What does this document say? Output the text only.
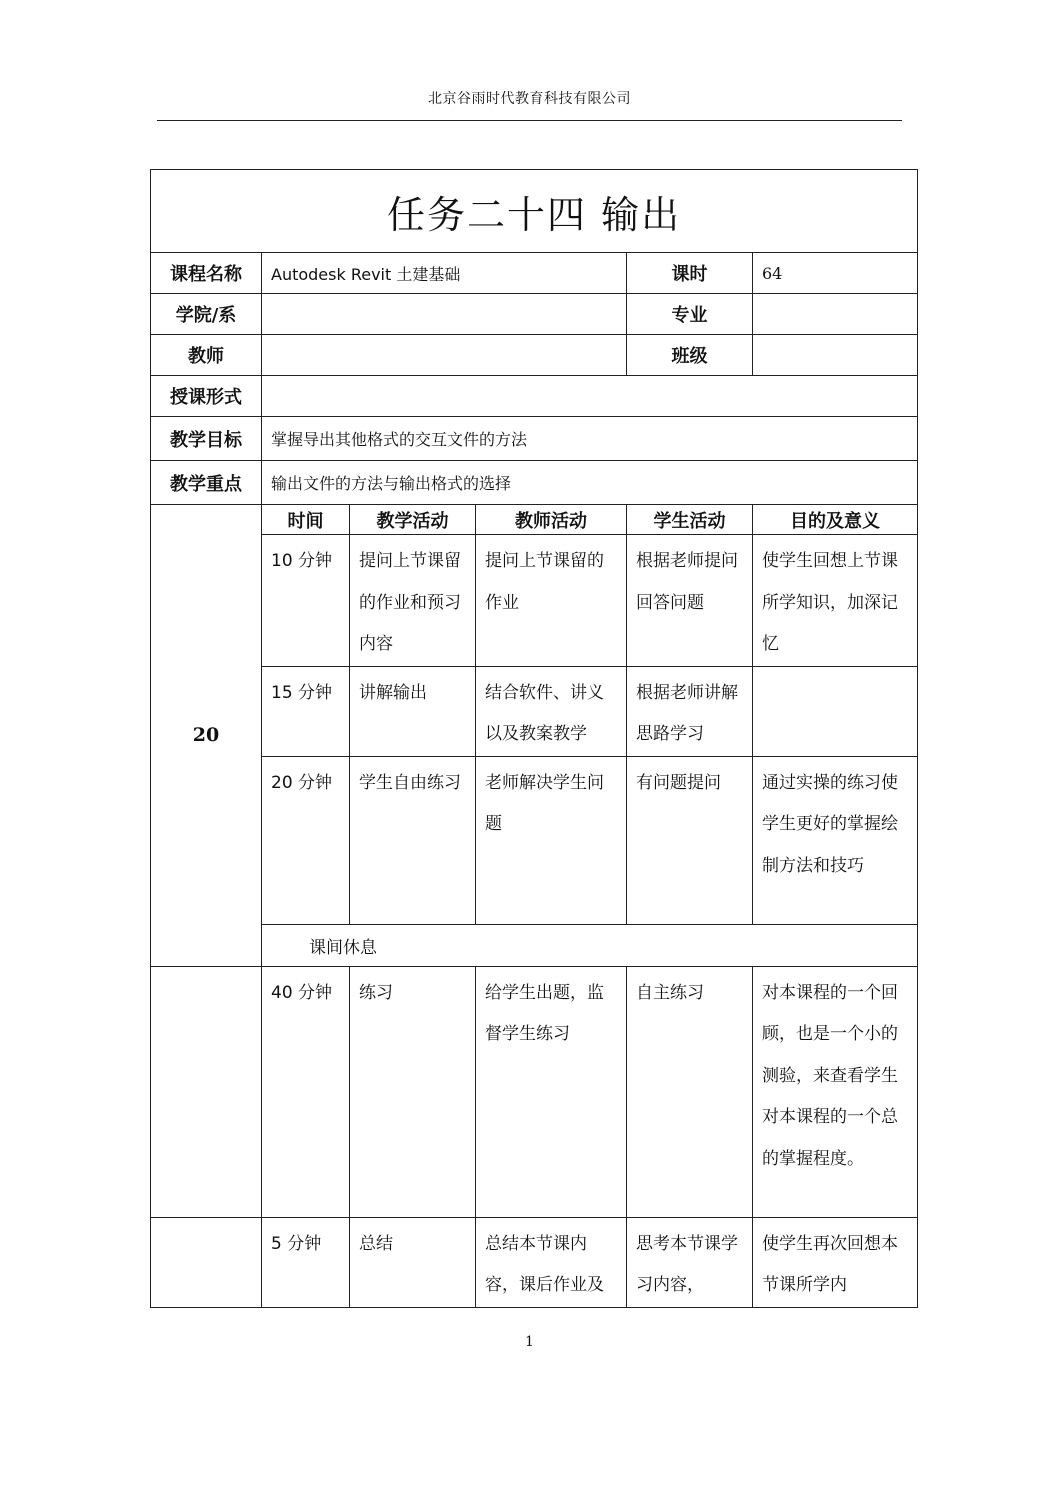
北京谷雨时代教育科技有限公司
任务二十四 输出					
课程名称	Autodesk Revit 土建基础			课时	64
学院/系				专业	
教师				班级	
授课形式					
教学目标	掌握导出其他格式的交互文件的方法				
教学重点	输出文件的方法与输出格式的选择				
20	时间	教学活动	教师活动	学生活动	目的及意义
	10 分钟	提问上节课留的作业和预习内容	提问上节课留的作业	根据老师提问回答问题	使学生回想上节课所学知识，加深记忆
	15 分钟	讲解输出	结合软件、讲义以及教案教学	根据老师讲解思路学习	
	20 分钟	学生自由练习	老师解决学生问题	有问题提问	通过实操的练习使学生更好的掌握绘制方法和技巧
	课间休息				
	40 分钟	练习	给学生出题，监督学生练习	自主练习	对本课程的一个回顾，也是一个小的测验，来查看学生对本课程的一个总的掌握程度。
	5 分钟	总结	总结本节课内容，课后作业及	思考本节课学习内容，	使学生再次回想本节课所学内
1
